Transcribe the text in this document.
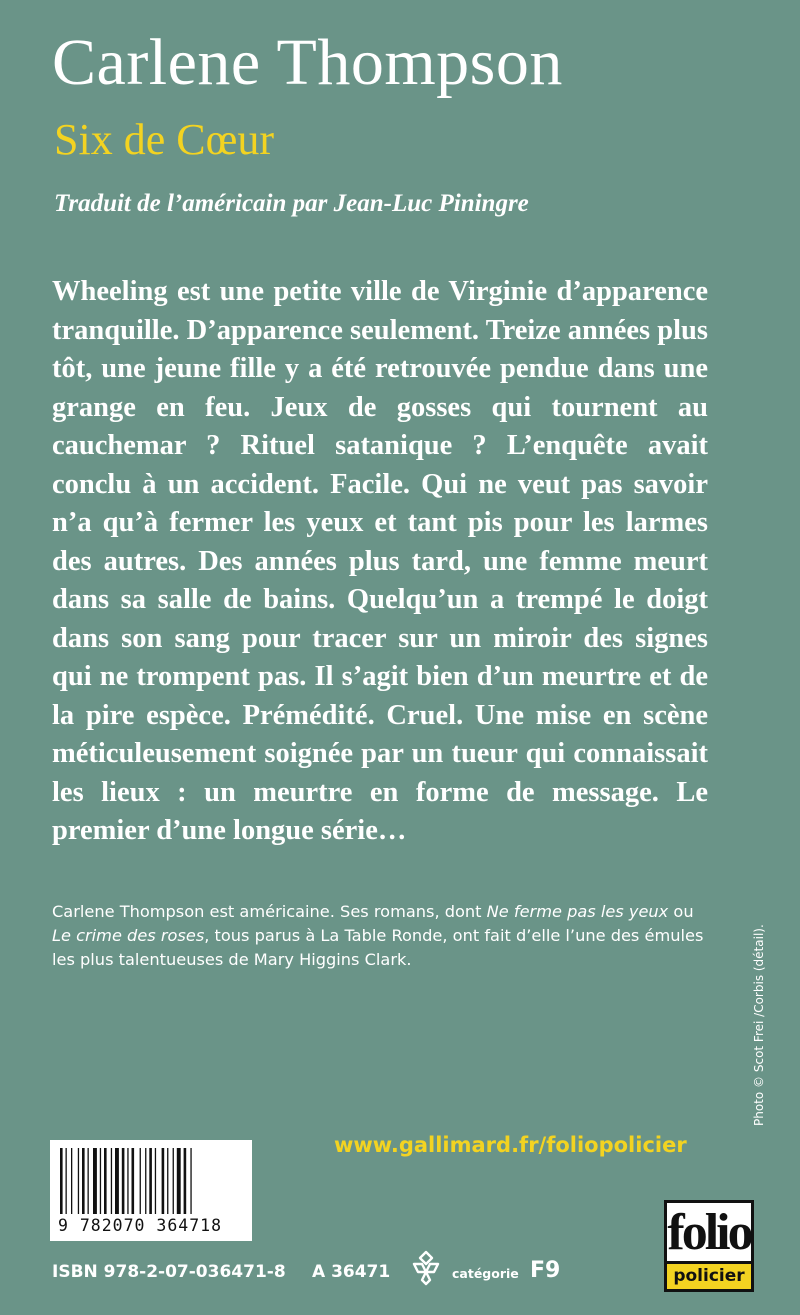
Carlene Thompson
Six de Cœur
Traduit de l’américain par Jean-Luc Piningre

Wheeling est une petite ville de Virginie d’apparence tranquille. D’apparence seulement. Treize années plus tôt, une jeune fille y a été retrouvée pendue dans une grange en feu. Jeux de gosses qui tournent au cauchemar ? Rituel satanique ? L’enquête avait conclu à un accident. Facile. Qui ne veut pas savoir n’a qu’à fermer les yeux et tant pis pour les larmes des autres. Des années plus tard, une femme meurt dans sa salle de bains. Quelqu’un a trempé le doigt dans son sang pour tracer sur un miroir des signes qui ne trompent pas. Il s’agit bien d’un meurtre et de la pire espèce. Prémédité. Cruel. Une mise en scène méticuleusement soignée par un tueur qui connaissait les lieux : un meurtre en forme de message. Le premier d’une longue série…

Carlene Thompson est américaine. Ses romans, dont Ne ferme pas les yeux ou Le crime des roses, tous parus à La Table Ronde, ont fait d’elle l’une des émules les plus talentueuses de Mary Higgins Clark.	Photo © Scot Frei /Corbis (détail).
www.gallimard.fr/foliopolicier
9 782070 364718
ISBN 978-2-07-036471-8 A 36471	catégorie F9
folio
policier
